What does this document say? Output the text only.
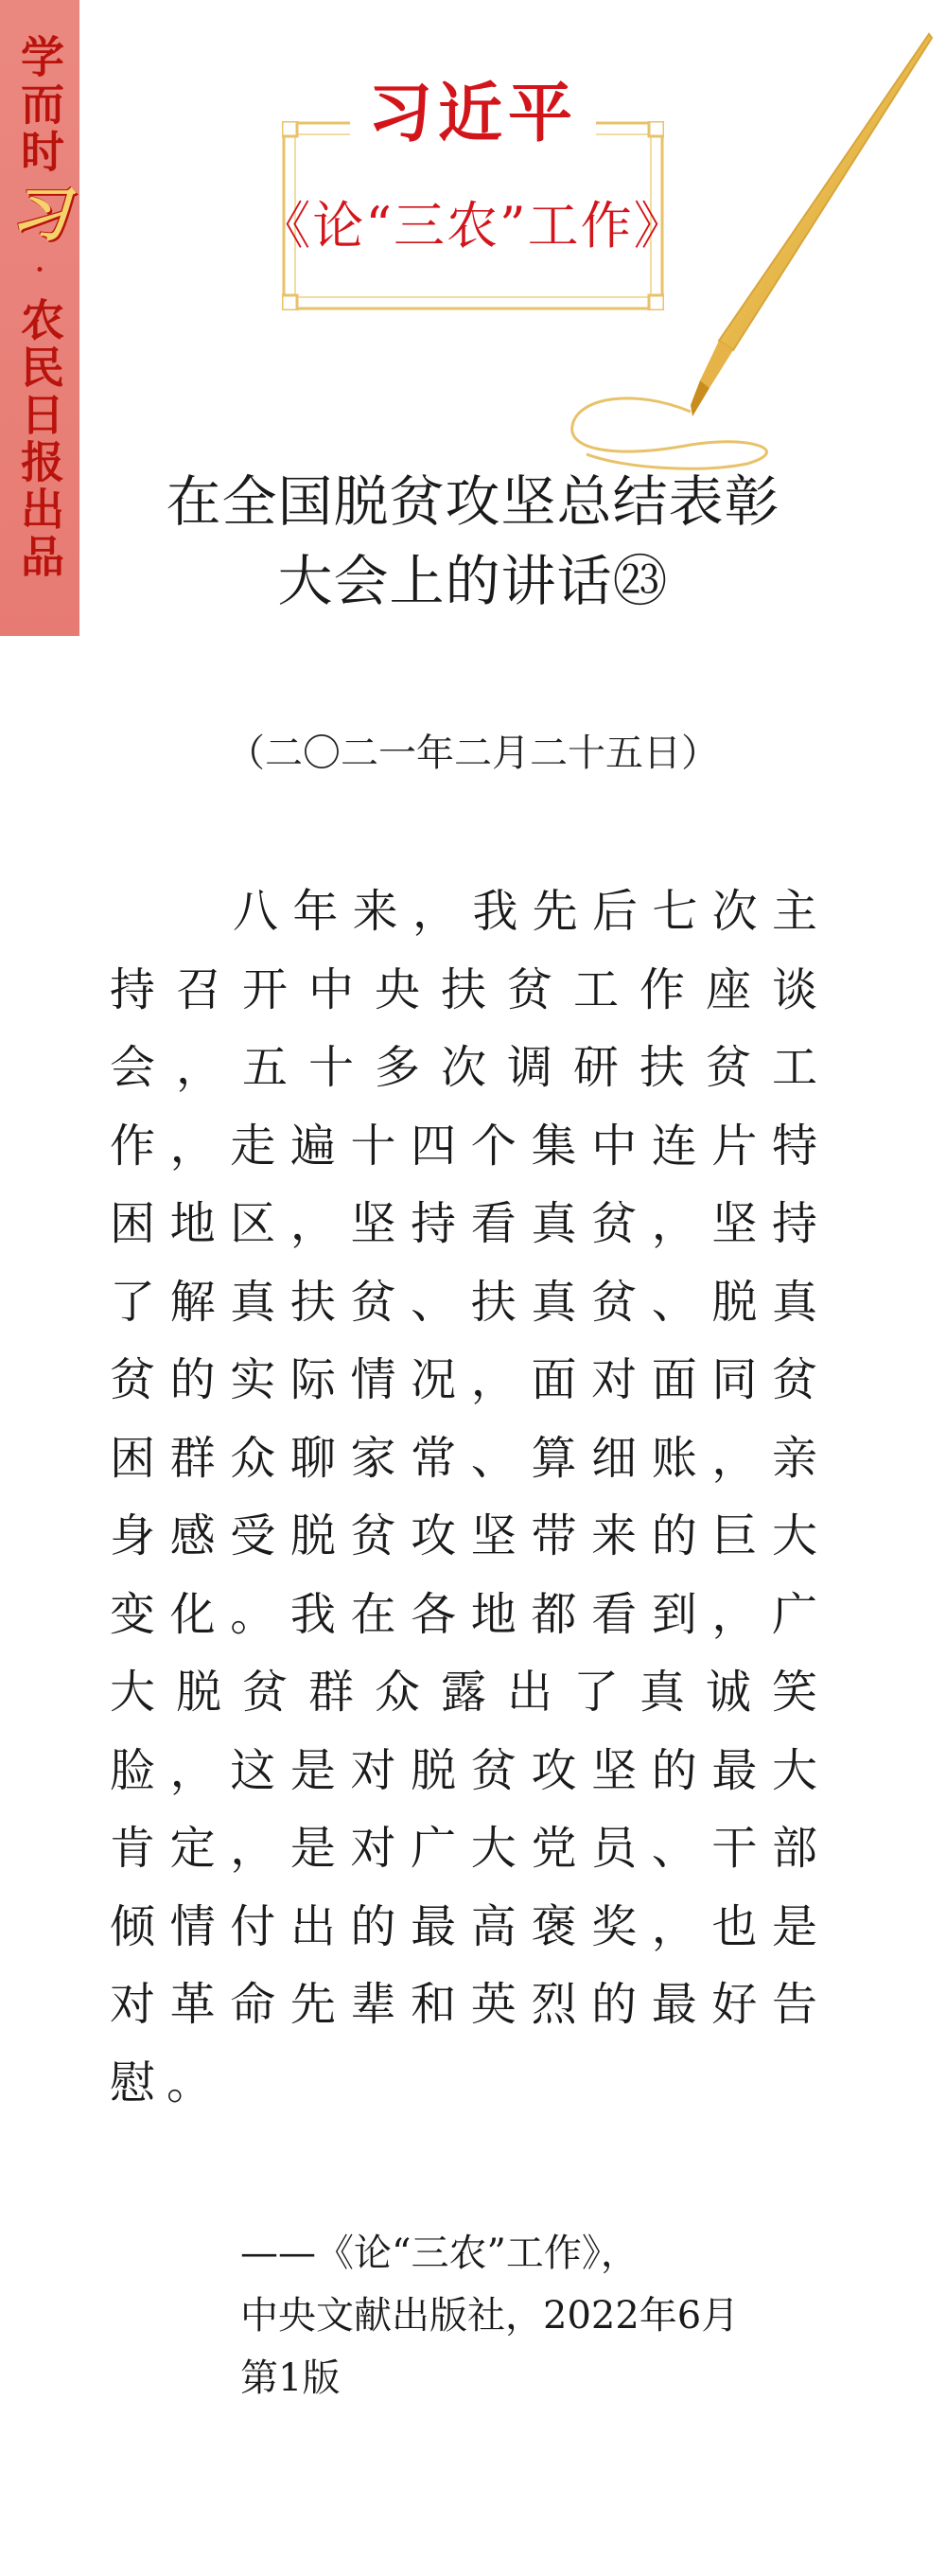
学而时
习
·
农民日报出品
习近平
《论“三农”工作》
在全国脱贫攻坚总结表彰
大会上的讲话㉓
（二〇二一年二月二十五日）
八年来，我先后七次主持召开中央扶贫工作座谈会，五十多次调研扶贫工作，走遍十四个集中连片特困地区，坚持看真贫，坚持了解真扶贫、扶真贫、脱真贫的实际情况，面对面同贫困群众聊家常、算细账，亲身感受脱贫攻坚带来的巨大变化。我在各地都看到，广大脱贫群众露出了真诚笑脸，这是对脱贫攻坚的最大肯定，是对广大党员、干部倾情付出的最高褒奖，也是对革命先辈和英烈的最好告慰。
——《论“三农”工作》，
中央文献出版社，2022年6月
第1版
